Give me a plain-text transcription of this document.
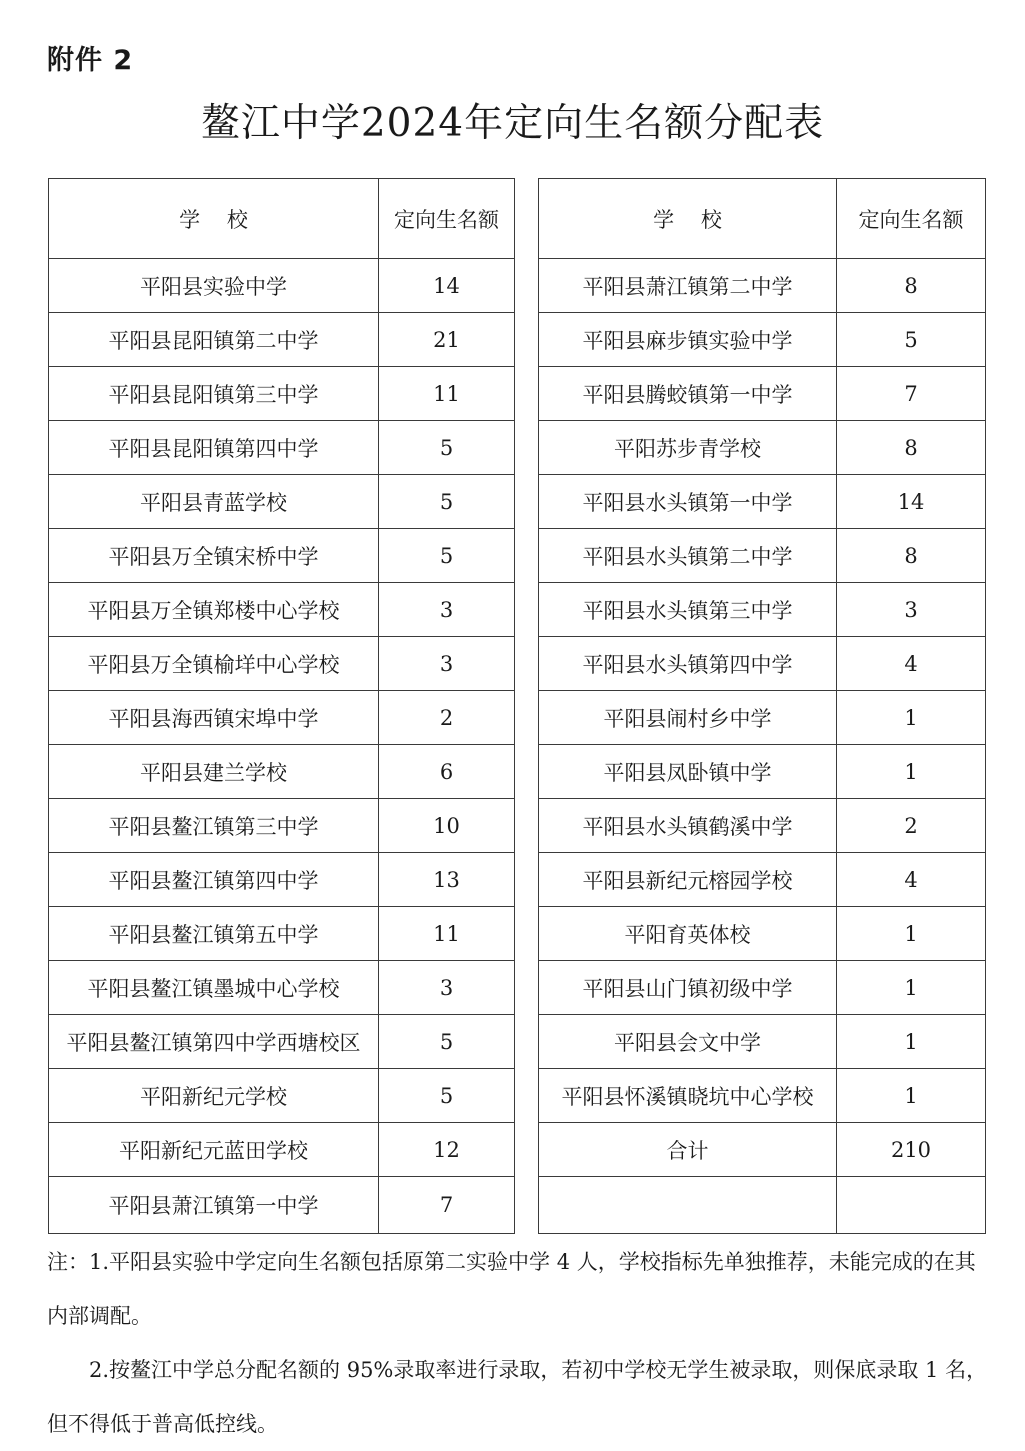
附件 2
鳌江中学2024年定向生名额分配表
学    校	定向生名额
平阳县实验中学	14
平阳县昆阳镇第二中学	21
平阳县昆阳镇第三中学	11
平阳县昆阳镇第四中学	5
平阳县青蓝学校	5
平阳县万全镇宋桥中学	5
平阳县万全镇郑楼中心学校	3
平阳县万全镇榆垟中心学校	3
平阳县海西镇宋埠中学	2
平阳县建兰学校	6
平阳县鳌江镇第三中学	10
平阳县鳌江镇第四中学	13
平阳县鳌江镇第五中学	11
平阳县鳌江镇墨城中心学校	3
平阳县鳌江镇第四中学西塘校区	5
平阳新纪元学校	5
平阳新纪元蓝田学校	12
平阳县萧江镇第一中学	7
学    校	定向生名额
平阳县萧江镇第二中学	8
平阳县麻步镇实验中学	5
平阳县腾蛟镇第一中学	7
平阳苏步青学校	8
平阳县水头镇第一中学	14
平阳县水头镇第二中学	8
平阳县水头镇第三中学	3
平阳县水头镇第四中学	4
平阳县闹村乡中学	1
平阳县凤卧镇中学	1
平阳县水头镇鹤溪中学	2
平阳县新纪元榕园学校	4
平阳育英体校	1
平阳县山门镇初级中学	1
平阳县会文中学	1
平阳县怀溪镇晓坑中心学校	1
合计	210

注：1.平阳县实验中学定向生名额包括原第二实验中学 4 人，学校指标先单独推荐，未能完成的在其内部调配。

2.按鳌江中学总分配名额的 95%录取率进行录取，若初中学校无学生被录取，则保底录取 1 名，但不得低于普高低控线。
